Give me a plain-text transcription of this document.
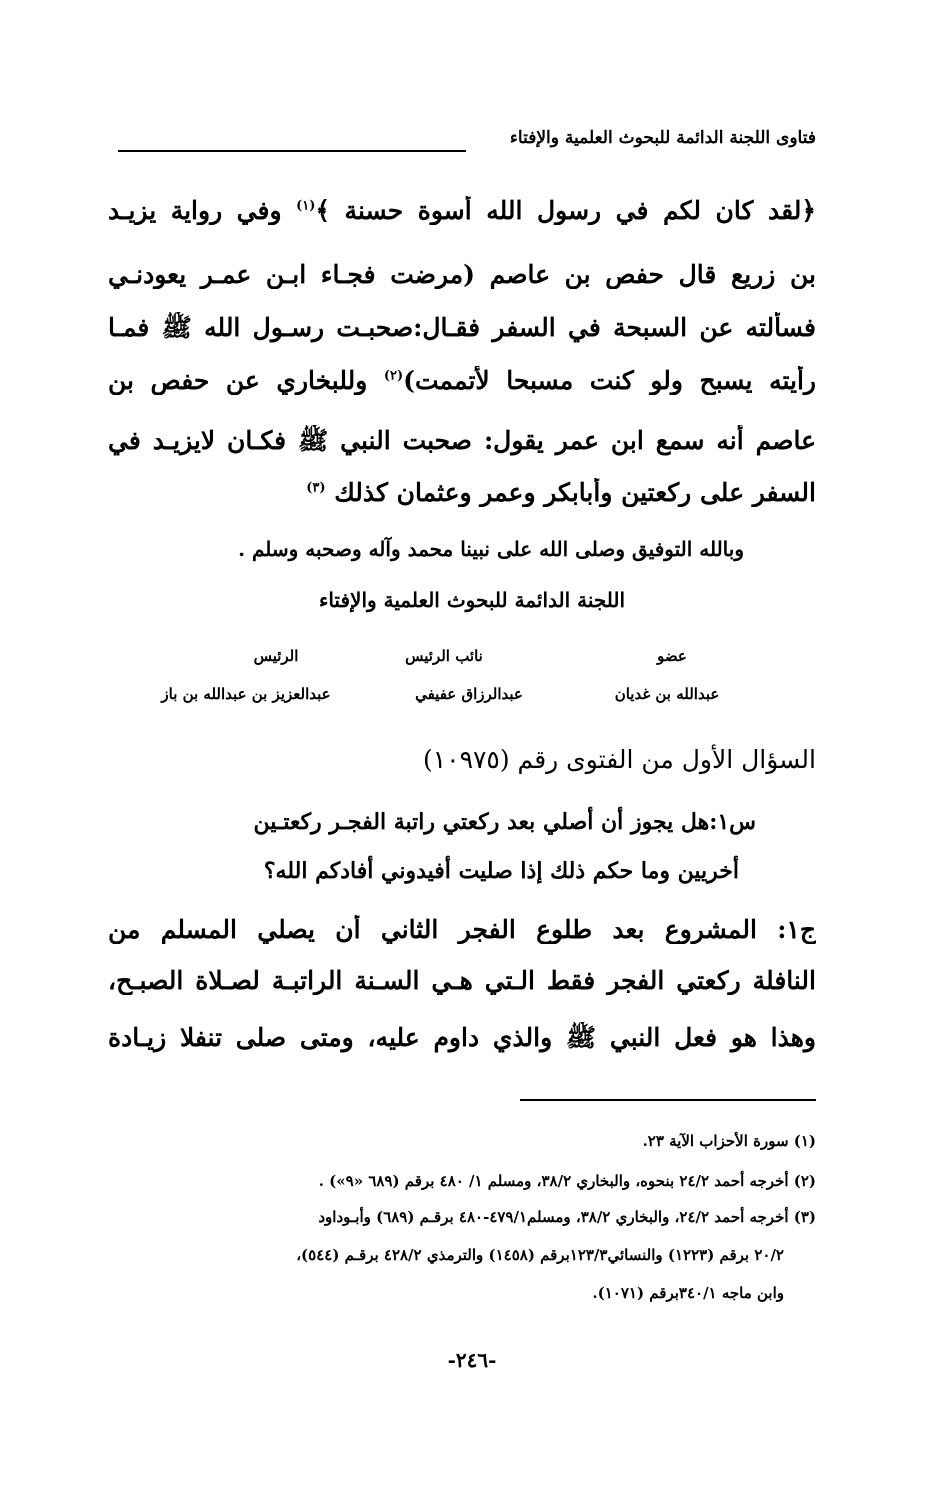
فتاوى اللجنة الدائمة للبحوث العلمية والإفتاء
﴿لقد كان لكم في رسول الله أسوة حسنة ﴾$^{(١)}$ وفي رواية يزيـد
بن زريع قال حفص بن عاصم (مرضت فجـاء ابـن عمـر يعودنـي
فسألته عن السبحة في السفر فقـال:صحبـت رسـول الله ﷺ فمـا
رأيته يسبح ولو كنت مسبحا لأتممت)$^{(٢)}$ وللبخاري عن حفص بن
عاصم أنه سمع ابن عمر يقول: صحبت النبي ﷺ فكـان لايزيـد في
السفر على ركعتين وأبابكر وعمر وعثمان كذلك $^{(٣)}$
وبالله التوفيق وصلى الله على نبينا محمد وآله وصحبه وسلم .
اللجنة الدائمة للبحوث العلمية والإفتاء
عضو
نائب الرئيس
الرئيس
عبدالله بن غديان
عبدالرزاق عفيفي
عبدالعزيز بن عبدالله بن باز
السؤال الأول من الفتوى رقم (١٠٩٧٥)
س١:هل يجوز أن أصلي بعد ركعتي راتبة الفجـر ركعتـين
أخريين وما حكم ذلك إذا صليت أفيدوني أفادكم الله؟
ج١: المشروع بعد طلوع الفجر الثاني أن يصلي المسلم من
النافلة ركعتي الفجر فقط الـتي هـي السـنة الراتبـة لصـلاة الصبـح،
وهذا هو فعل النبي ﷺ والذي داوم عليه، ومتى صلى تنفلا زيـادة
(١) سورة الأحزاب الآية ٢٣.
(٢) أخرجه أحمد ٢٤/٢ بنحوه، والبخاري ٣٨/٢، ومسلم ١/ ٤٨٠ برقم (٦٨٩ «٩») .
(٣) أخرجه أحمد ٢٤/٢، والبخاري ٣٨/٢، ومسلم٤٧٩/١-٤٨٠ برقـم (٦٨٩) وأبـوداود
٢٠/٢ برقم (١٢٢٣) والنسائي١٢٣/٣برقم (١٤٥٨) والترمذي ٤٢٨/٢ برقـم (٥٤٤)،
وابن ماجه ٣٤٠/١برقم (١٠٧١).
-٢٤٦-
